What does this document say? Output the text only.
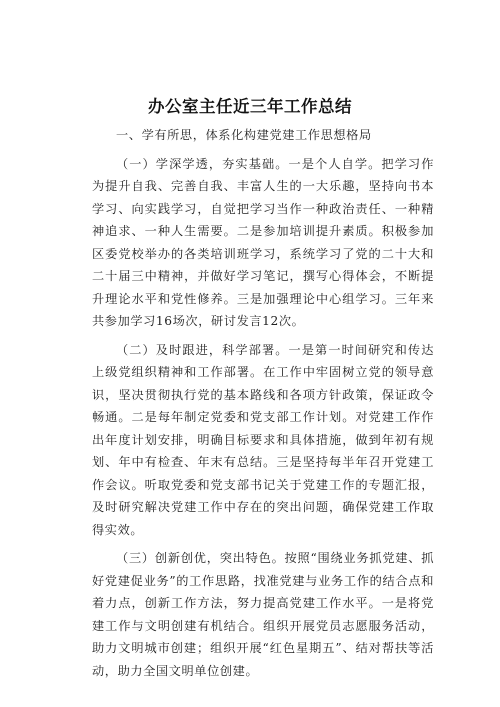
办公室主任近三年工作总结

一、学有所思，体系化构建党建工作思想格局

（一）学深学透，夯实基础。一是个人自学。把学习作为提升自我、完善自我、丰富人生的一大乐趣，坚持向书本学习、向实践学习，自觉把学习当作一种政治责任、一种精神追求、一种人生需要。二是参加培训提升素质。积极参加区委党校举办的各类培训班学习，系统学习了党的二十大和二十届三中精神，并做好学习笔记，撰写心得体会，不断提升理论水平和党性修养。三是加强理论中心组学习。三年来共参加学习16场次，研讨发言12次。

（二）及时跟进，科学部署。一是第一时间研究和传达上级党组织精神和工作部署。在工作中牢固树立党的领导意识，坚决贯彻执行党的基本路线和各项方针政策，保证政令畅通。二是每年制定党委和党支部工作计划。对党建工作作出年度计划安排，明确目标要求和具体措施，做到年初有规划、年中有检查、年末有总结。三是坚持每半年召开党建工作会议。听取党委和党支部书记关于党建工作的专题汇报，及时研究解决党建工作中存在的突出问题，确保党建工作取得实效。

（三）创新创优，突出特色。按照“围绕业务抓党建、抓好党建促业务”的工作思路，找准党建与业务工作的结合点和着力点，创新工作方法，努力提高党建工作水平。一是将党建工作与文明创建有机结合。组织开展党员志愿服务活动，助力文明城市创建；组织开展“红色星期五”、结对帮扶等活动，助力全国文明单位创建。
